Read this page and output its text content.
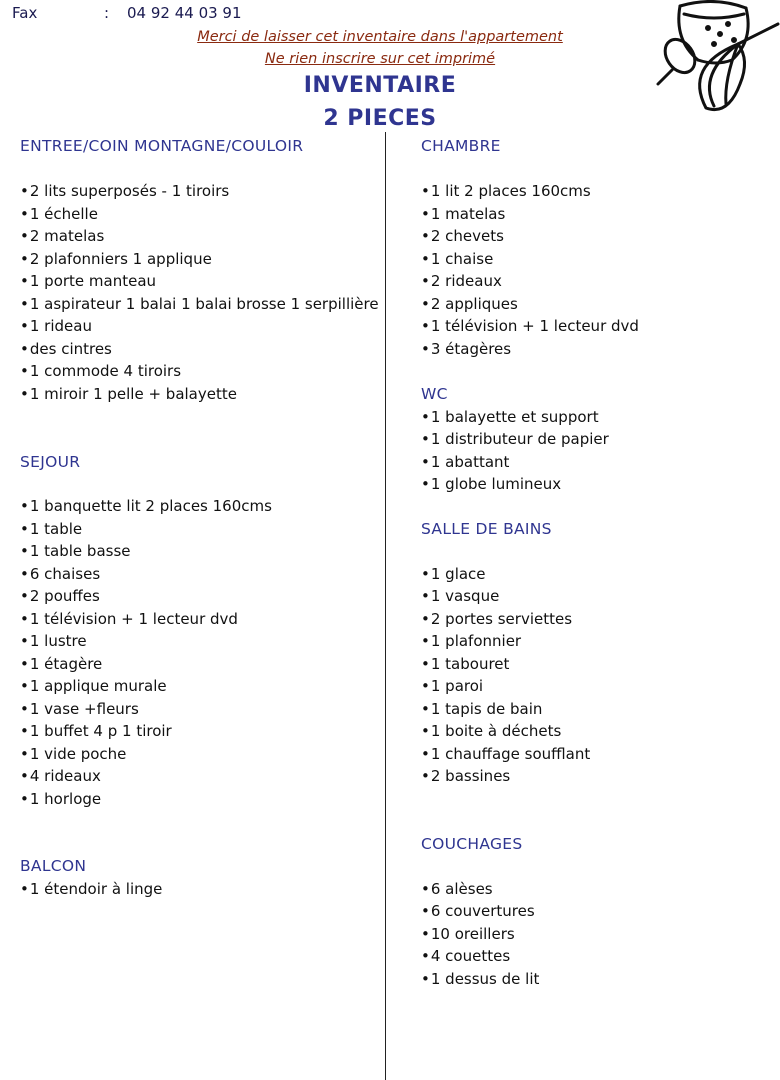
Fax	: 04 92 44 03 91
Merci de laisser cet inventaire dans l'appartement
Ne rien inscrire sur cet imprimé
INVENTAIRE
2 PIECES
ENTREE/COIN MONTAGNE/COULOIR
• 2 lits superposés - 1 tiroirs
• 1 échelle
• 2 matelas
• 2 plafonniers 1 applique
• 1 porte manteau
• 1 aspirateur 1 balai 1 balai brosse 1 serpillière
• 1 rideau
• des cintres
• 1 commode 4 tiroirs
• 1 miroir 1 pelle + balayette
SEJOUR
• 1 banquette lit 2 places 160cms
• 1 table
• 1 table basse
• 6 chaises
• 2 pouffes
• 1 télévision + 1 lecteur dvd
• 1 lustre
• 1 étagère
• 1 applique murale
• 1 vase +fleurs
• 1 buffet 4 p 1 tiroir
• 1 vide poche
• 4 rideaux
• 1 horloge
BALCON
• 1 étendoir à linge
CHAMBRE
• 1 lit 2 places 160cms
• 1 matelas
• 2 chevets
• 1 chaise
• 2 rideaux
• 2 appliques
• 1 télévision + 1 lecteur dvd
• 3 étagères
WC
• 1 balayette et support
• 1 distributeur de papier
• 1 abattant
• 1 globe lumineux
SALLE DE BAINS
• 1 glace
• 1 vasque
• 2 portes serviettes
• 1 plafonnier
• 1 tabouret
• 1 paroi
• 1 tapis de bain
• 1 boite à déchets
• 1 chauffage soufflant
• 2 bassines
COUCHAGES
• 6 alèses
• 6 couvertures
• 10 oreillers
• 4 couettes
• 1 dessus de lit
